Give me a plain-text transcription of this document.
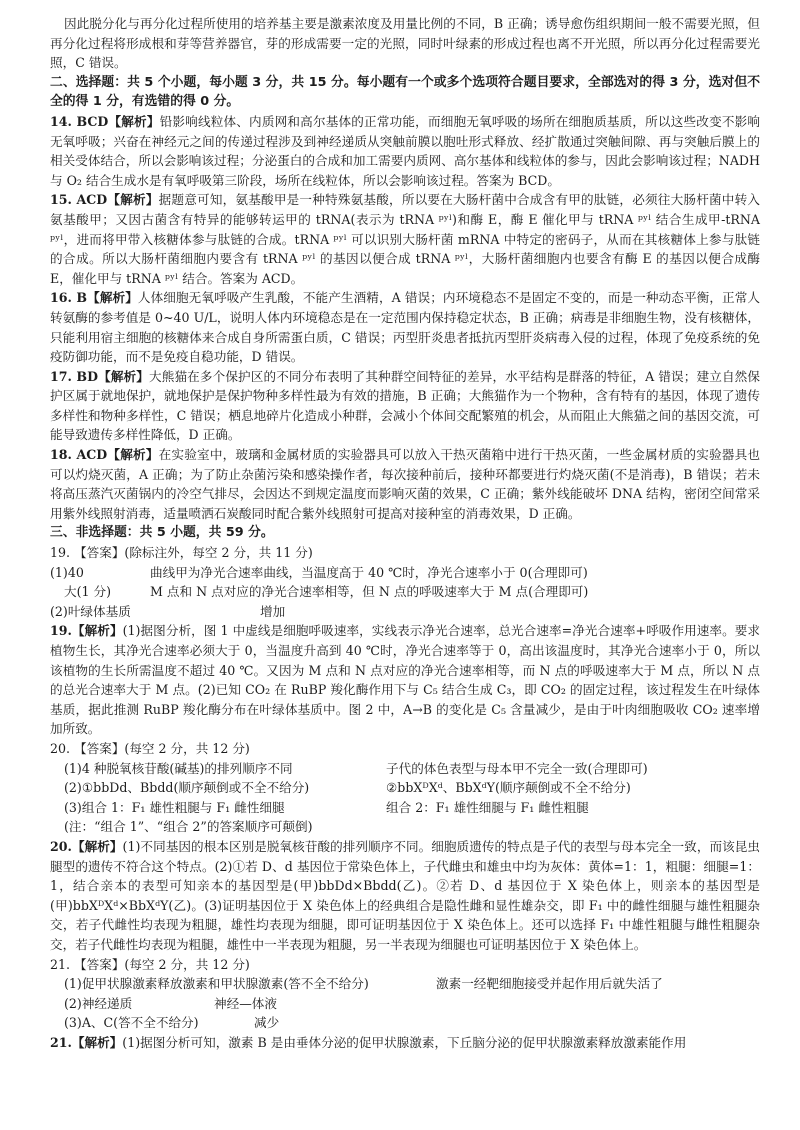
因此脱分化与再分化过程所使用的培养基主要是激素浓度及用量比例的不同，B 正确；诱导愈伤组织期间一般不需要光照，但再分化过程将形成根和芽等营养器官，芽的形成需要一定的光照，同时叶绿素的形成过程也离不开光照，所以再分化过程需要光照，C 错误。

二、选择题：共 5 个小题，每小题 3 分，共 15 分。每小题有一个或多个选项符合题目要求，全部选对的得 3 分，选对但不全的得 1 分，有选错的得 0 分。

14. BCD【解析】铅影响线粒体、内质网和高尔基体的正常功能，而细胞无氧呼吸的场所在细胞质基质，所以这些改变不影响无氧呼吸；兴奋在神经元之间的传递过程涉及到神经递质从突触前膜以胞吐形式释放、经扩散通过突触间隙、再与突触后膜上的相关受体结合，所以会影响该过程；分泌蛋白的合成和加工需要内质网、高尔基体和线粒体的参与，因此会影响该过程；NADH 与 O₂ 结合生成水是有氧呼吸第三阶段，场所在线粒体，所以会影响该过程。答案为 BCD。

15. ACD【解析】据题意可知，氨基酸甲是一种特殊氨基酸，所以要在大肠杆菌中合成含有甲的肽链，必须往大肠杆菌中转入氨基酸甲；又因古菌含有特异的能够转运甲的 tRNA(表示为 tRNA ᵖʸˡ)和酶 E，酶 E 催化甲与 tRNA ᵖʸˡ 结合生成甲-tRNA ᵖʸˡ，进而将甲带入核糖体参与肽链的合成。tRNA ᵖʸˡ 可以识别大肠杆菌 mRNA 中特定的密码子，从而在其核糖体上参与肽链的合成。所以大肠杆菌细胞内要含有 tRNA ᵖʸˡ 的基因以便合成 tRNA ᵖʸˡ，大肠杆菌细胞内也要含有酶 E 的基因以便合成酶 E，催化甲与 tRNA ᵖʸˡ 结合。答案为 ACD。

16. B【解析】人体细胞无氧呼吸产生乳酸，不能产生酒精，A 错误；内环境稳态不是固定不变的，而是一种动态平衡，正常人转氨酶的参考值是 0~40 U/L，说明人体内环境稳态是在一定范围内保持稳定状态，B 正确；病毒是非细胞生物，没有核糖体，只能利用宿主细胞的核糖体来合成自身所需蛋白质，C 错误；丙型肝炎患者抵抗丙型肝炎病毒入侵的过程，体现了免疫系统的免疫防御功能，而不是免疫自稳功能，D 错误。

17. BD【解析】大熊猫在多个保护区的不同分布表明了其种群空间特征的差异，水平结构是群落的特征，A 错误；建立自然保护区属于就地保护，就地保护是保护物种多样性最为有效的措施，B 正确；大熊猫作为一个物种，含有特有的基因，体现了遗传多样性和物种多样性，C 错误；栖息地碎片化造成小种群，会减小个体间交配繁殖的机会，从而阻止大熊猫之间的基因交流，可能导致遗传多样性降低，D 正确。

18. ACD【解析】在实验室中，玻璃和金属材质的实验器具可以放入干热灭菌箱中进行干热灭菌，一些金属材质的实验器具也可以灼烧灭菌，A 正确；为了防止杂菌污染和感染操作者，每次接种前后，接种环都要进行灼烧灭菌(不是消毒)，B 错误；若未将高压蒸汽灭菌锅内的冷空气排尽，会因达不到规定温度而影响灭菌的效果，C 正确；紫外线能破坏 DNA 结构，密闭空间常采用紫外线照射消毒，适量喷洒石炭酸同时配合紫外线照射可提高对接种室的消毒效果，D 正确。

三、非选择题：共 5 小题，共 59 分。

19. 【答案】(除标注外，每空 2 分，共 11 分)

(1)40	曲线甲为净光合速率曲线，当温度高于 40 ℃时，净光合速率小于 0(合理即可)
大(1 分)	M 点和 N 点对应的净光合速率相等，但 N 点的呼吸速率大于 M 点(合理即可)
(2)叶绿体基质	增加

19.【解析】(1)据图分析，图 1 中虚线是细胞呼吸速率，实线表示净光合速率，总光合速率=净光合速率+呼吸作用速率。要求植物生长，其净光合速率必须大于 0，当温度升高到 40 ℃时，净光合速率等于 0，高出该温度时，其净光合速率小于 0，所以该植物的生长所需温度不超过 40 ℃。又因为 M 点和 N 点对应的净光合速率相等，而 N 点的呼吸速率大于 M 点，所以 N 点的总光合速率大于 M 点。(2)已知 CO₂ 在 RuBP 羧化酶作用下与 C₅ 结合生成 C₃，即 CO₂ 的固定过程，该过程发生在叶绿体基质，据此推测 RuBP 羧化酶分布在叶绿体基质中。图 2 中，A→B 的变化是 C₅ 含量减少，是由于叶肉细胞吸收 CO₂ 速率增加所致。

20. 【答案】(每空 2 分，共 12 分)

(1)4 种脱氧核苷酸(碱基)的排列顺序不同	子代的体色表型与母本甲不完全一致(合理即可)
(2)①bbDd、Bbdd(顺序颠倒或不全不给分)	②bbXᴰXᵈ、BbXᵈY(顺序颠倒或不全不给分)
(3)组合 1：F₁ 雄性粗腿与 F₁ 雌性细腿	组合 2：F₁ 雄性细腿与 F₁ 雌性粗腿

(注：“组合 1”、“组合 2”的答案顺序可颠倒)

20.【解析】(1)不同基因的根本区别是脱氧核苷酸的排列顺序不同。细胞质遗传的特点是子代的表型与母本完全一致，而该昆虫腿型的遗传不符合这个特点。(2)①若 D、d 基因位于常染色体上，子代雌虫和雄虫中均为灰体：黄体=1：1，粗腿：细腿=1：1，结合亲本的表型可知亲本的基因型是(甲)bbDd×Bbdd(乙)。②若 D、d 基因位于 X 染色体上，则亲本的基因型是(甲)bbXᴰXᵈ×BbXᵈY(乙)。(3)证明基因位于 X 染色体上的经典组合是隐性雌和显性雄杂交，即 F₁ 中的雌性细腿与雄性粗腿杂交，若子代雌性均表现为粗腿，雄性均表现为细腿，即可证明基因位于 X 染色体上。还可以选择 F₁ 中雄性粗腿与雌性粗腿杂交，若子代雌性均表现为粗腿，雄性中一半表现为粗腿，另一半表现为细腿也可证明基因位于 X 染色体上。

21. 【答案】(每空 2 分，共 12 分)

(1)促甲状腺激素释放激素和甲状腺激素(答不全不给分)	激素一经靶细胞接受并起作用后就失活了
(2)神经递质	神经—体液
(3)A、C(答不全不给分)	减少

21.【解析】(1)据图分析可知，激素 B 是由垂体分泌的促甲状腺激素，下丘脑分泌的促甲状腺激素释放激素能作用
